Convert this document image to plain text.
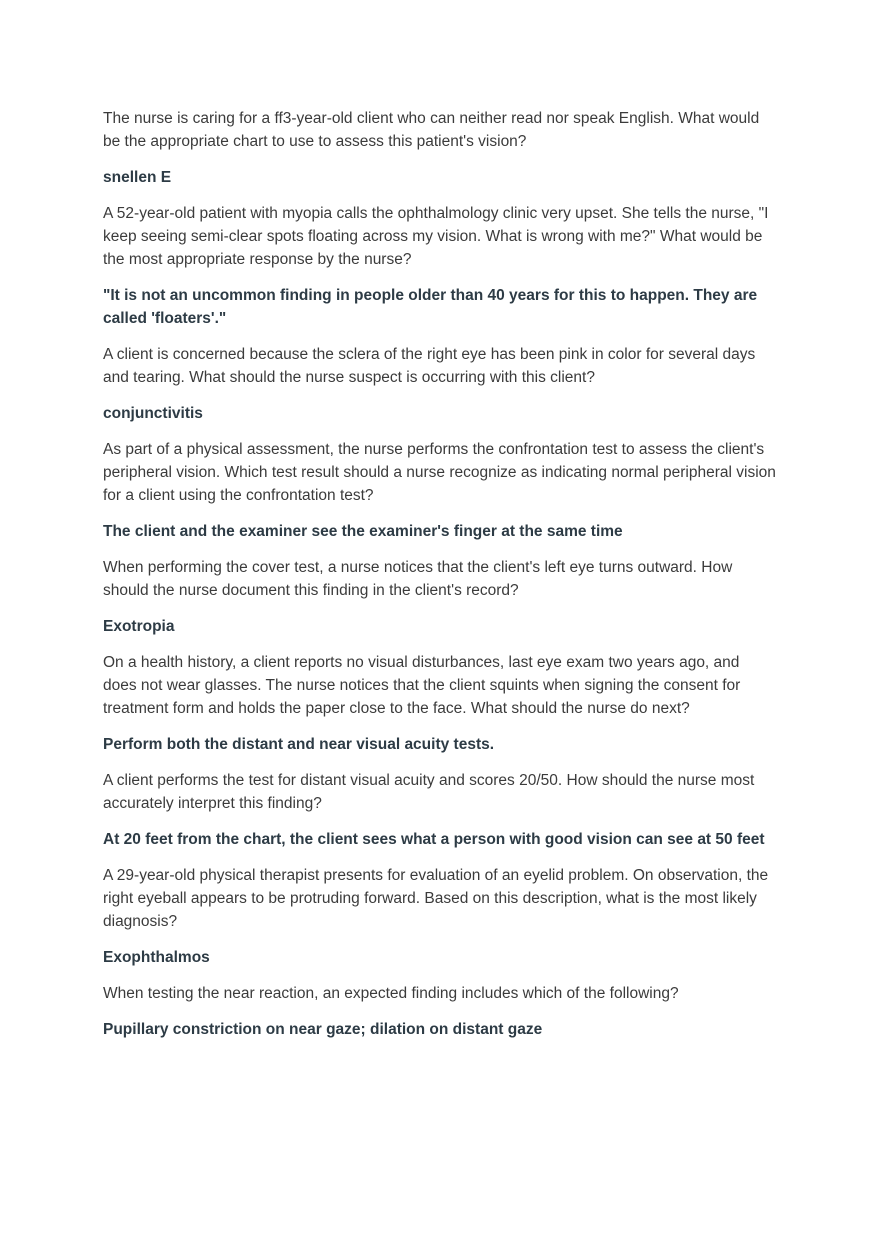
The nurse is caring for a ff3-year-old client who can neither read nor speak English. What would be the appropriate chart to use to assess this patient's vision?

snellen E

A 52-year-old patient with myopia calls the ophthalmology clinic very upset. She tells the nurse, "I keep seeing semi-clear spots floating across my vision. What is wrong with me?" What would be the most appropriate response by the nurse?

"It is not an uncommon finding in people older than 40 years for this to happen. They are called 'floaters'."

A client is concerned because the sclera of the right eye has been pink in color for several days and tearing. What should the nurse suspect is occurring with this client?

conjunctivitis

As part of a physical assessment, the nurse performs the confrontation test to assess the client's peripheral vision. Which test result should a nurse recognize as indicating normal peripheral vision for a client using the confrontation test?

The client and the examiner see the examiner's finger at the same time

When performing the cover test, a nurse notices that the client's left eye turns outward. How should the nurse document this finding in the client's record?

Exotropia

On a health history, a client reports no visual disturbances, last eye exam two years ago, and does not wear glasses. The nurse notices that the client squints when signing the consent for treatment form and holds the paper close to the face. What should the nurse do next?

Perform both the distant and near visual acuity tests.

A client performs the test for distant visual acuity and scores 20/50. How should the nurse most accurately interpret this finding?

At 20 feet from the chart, the client sees what a person with good vision can see at 50 feet

A 29-year-old physical therapist presents for evaluation of an eyelid problem. On observation, the right eyeball appears to be protruding forward. Based on this description, what is the most likely diagnosis?

Exophthalmos

When testing the near reaction, an expected finding includes which of the following?

Pupillary constriction on near gaze; dilation on distant gaze
